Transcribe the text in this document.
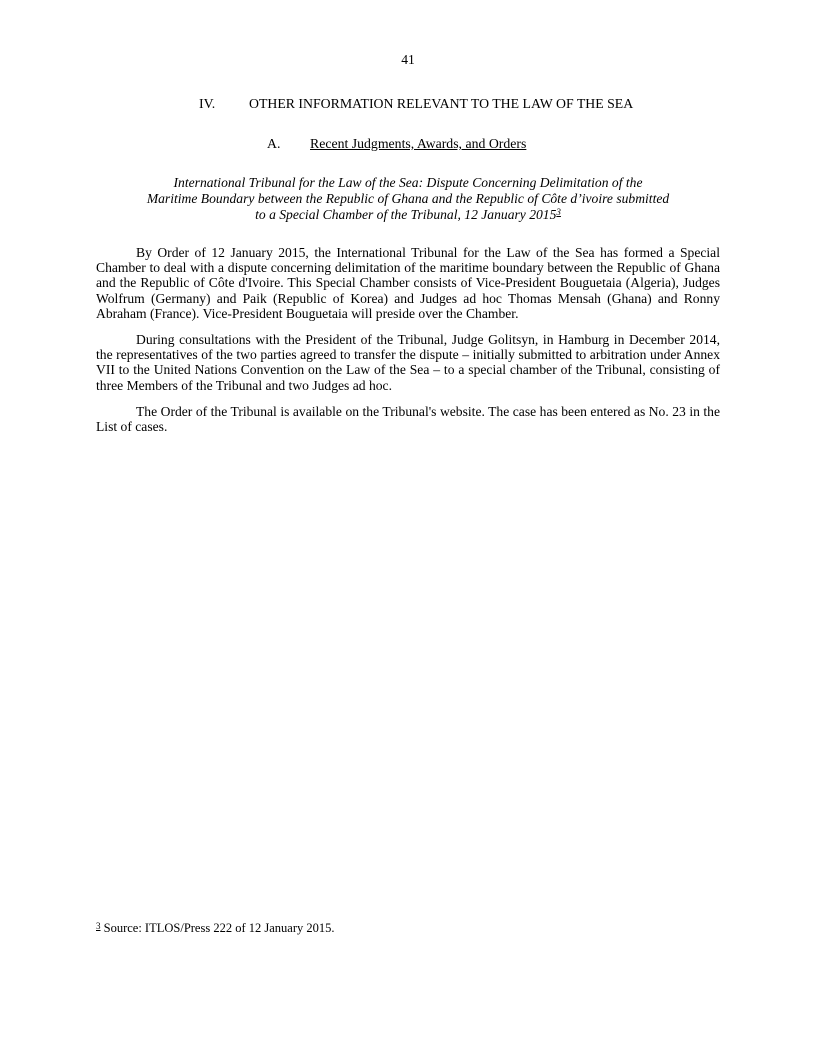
41
IV.	OTHER INFORMATION RELEVANT TO THE LAW OF THE SEA
A.	Recent Judgments, Awards, and Orders
International Tribunal for the Law of the Sea: Dispute Concerning Delimitation of the
Maritime Boundary between the Republic of Ghana and the Republic of Côte d’ivoire submitted
to a Special Chamber of the Tribunal, 12 January 2015$^3$

By Order of 12 January 2015, the International Tribunal for the Law of the Sea has formed a Special Chamber to deal with a dispute concerning delimitation of the maritime boundary between the Republic of Ghana and the Republic of Côte d'Ivoire. This Special Chamber consists of Vice-President Bouguetaia (Algeria), Judges Wolfrum (Germany) and Paik (Republic of Korea) and Judges ad hoc Thomas Mensah (Ghana) and Ronny Abraham (France). Vice-President Bouguetaia will preside over the Chamber.

During consultations with the President of the Tribunal, Judge Golitsyn, in Hamburg in December 2014, the representatives of the two parties agreed to transfer the dispute – initially submitted to arbitration under Annex VII to the United Nations Convention on the Law of the Sea – to a special chamber of the Tribunal, consisting of three Members of the Tribunal and two Judges ad hoc.

The Order of the Tribunal is available on the Tribunal's website. The case has been entered as No. 23 in the List of cases.

$^3$ Source: ITLOS/Press 222 of 12 January 2015.
